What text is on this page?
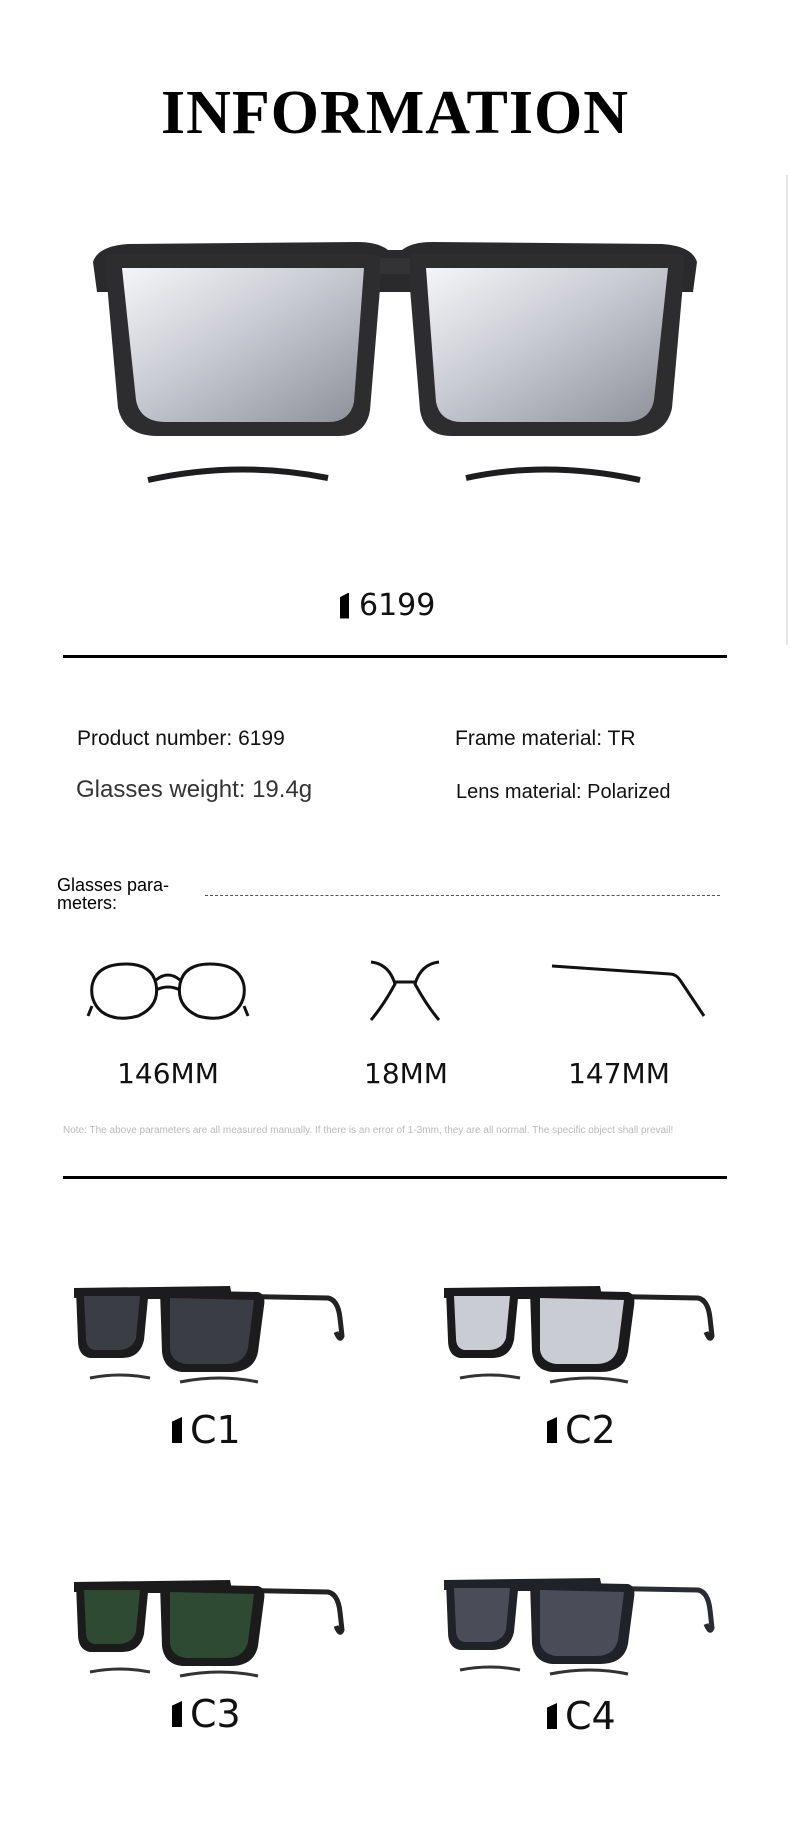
INFORMATION
6199
Product number: 6199	Frame material: TR
Glasses weight: 19.4g	Lens material: Polarized
Glasses para- meters:
146MM	18MM	147MM
Note: The above parameters are all measured manually. If there is an error of 1-3mm, they are all normal. The specific object shall prevail!
C1	C2
C3	C4
